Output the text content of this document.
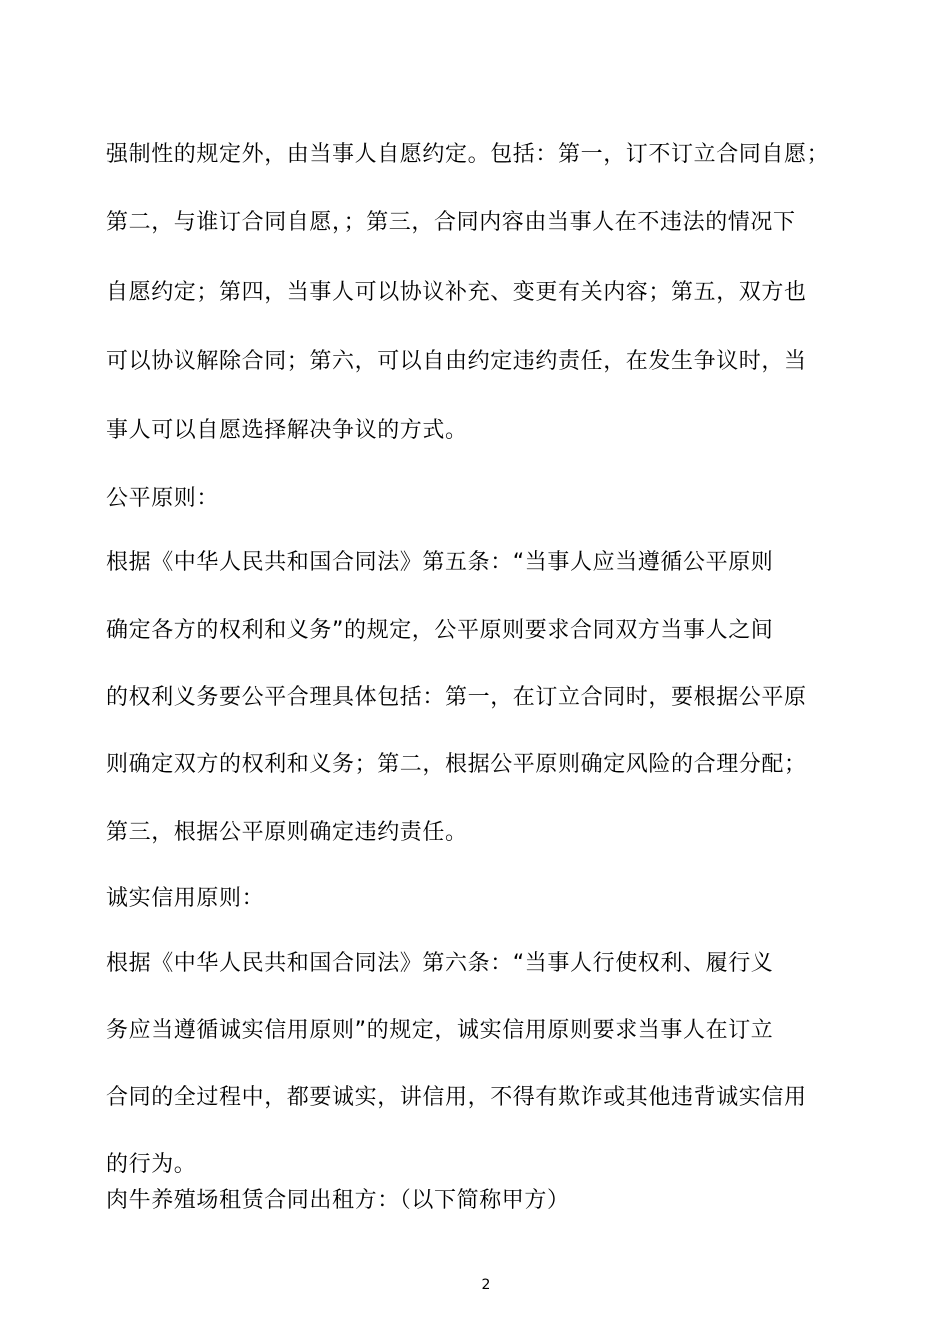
强制性的规定外，由当事人自愿约定。包括：第一，订不订立合同自愿；
第二，与谁订合同自愿，；第三，合同内容由当事人在不违法的情况下
自愿约定；第四，当事人可以协议补充、变更有关内容；第五，双方也
可以协议解除合同；第六，可以自由约定违约责任，在发生争议时，当
事人可以自愿选择解决争议的方式。
公平原则：
根据《中华人民共和国合同法》第五条：“当事人应当遵循公平原则
确定各方的权利和义务”的规定，公平原则要求合同双方当事人之间
的权利义务要公平合理具体包括：第一，在订立合同时，要根据公平原
则确定双方的权利和义务；第二，根据公平原则确定风险的合理分配；
第三，根据公平原则确定违约责任。
诚实信用原则：
根据《中华人民共和国合同法》第六条：“当事人行使权利、履行义
务应当遵循诚实信用原则”的规定，诚实信用原则要求当事人在订立
合同的全过程中，都要诚实，讲信用，不得有欺诈或其他违背诚实信用
的行为。
肉牛养殖场租赁合同出租方：（以下简称甲方）
2
